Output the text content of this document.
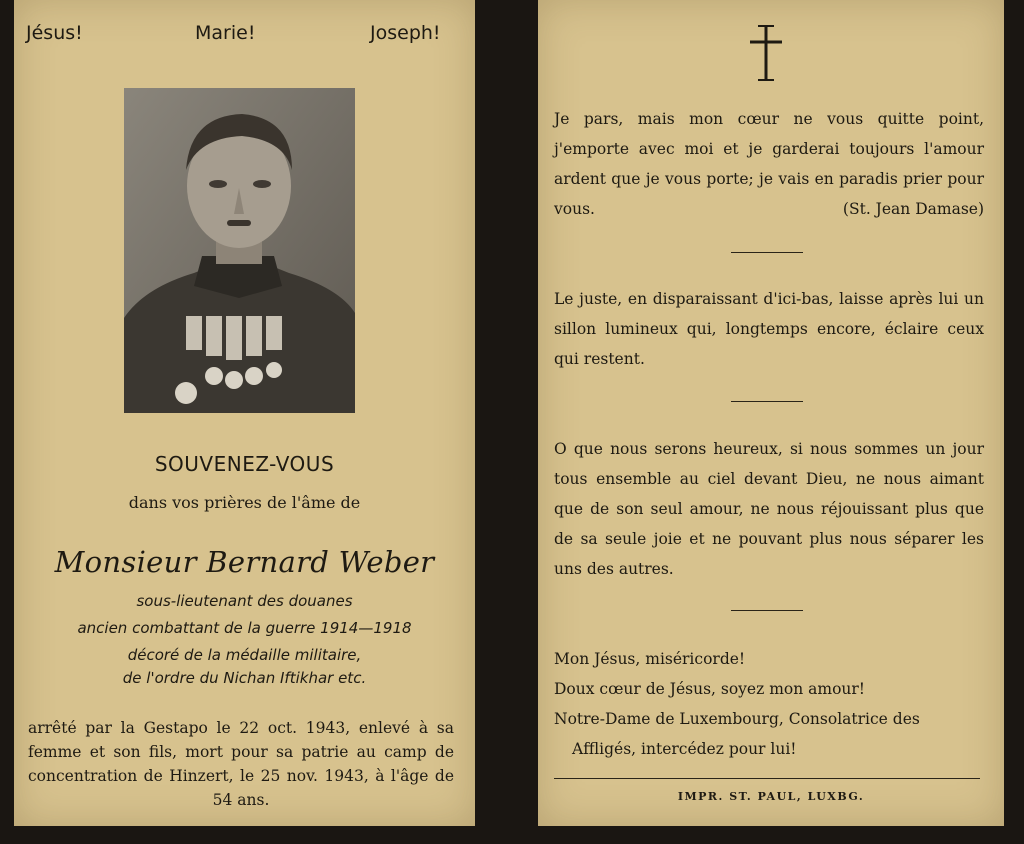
Jésus!	Marie!	Joseph!
SOUVENEZ-VOUS
dans vos prières de l'âme de
Monsieur Bernard Weber
sous-lieutenant des douanes
ancien combattant de la guerre 1914—1918
décoré de la médaille militaire,
de l'ordre du Nichan Iftikhar etc.
arrêté par la Gestapo le 22 oct. 1943, enlevé à sa femme et son fils, mort pour sa patrie au camp de concentration de Hinzert, le 25 nov. 1943, à l'âge de 54 ans.
Je pars, mais mon cœur ne vous quitte point, j'emporte avec moi et je garderai toujours l'amour ardent que je vous porte; je vais en paradis prier pour vous.	(St. Jean Damase)
Le juste, en disparaissant d'ici-bas, laisse après lui un sillon lumineux qui, longtemps encore, éclaire ceux qui restent.
O que nous serons heureux, si nous sommes un jour tous ensemble au ciel devant Dieu, ne nous aimant que de son seul amour, ne nous réjouissant plus que de sa seule joie et ne pouvant plus nous séparer les uns des autres.
Mon Jésus, miséricorde!
Doux cœur de Jésus, soyez mon amour!
Notre-Dame de Luxembourg, Consolatrice des
Affligés, intercédez pour lui!
IMPR. ST. PAUL, LUXBG.
